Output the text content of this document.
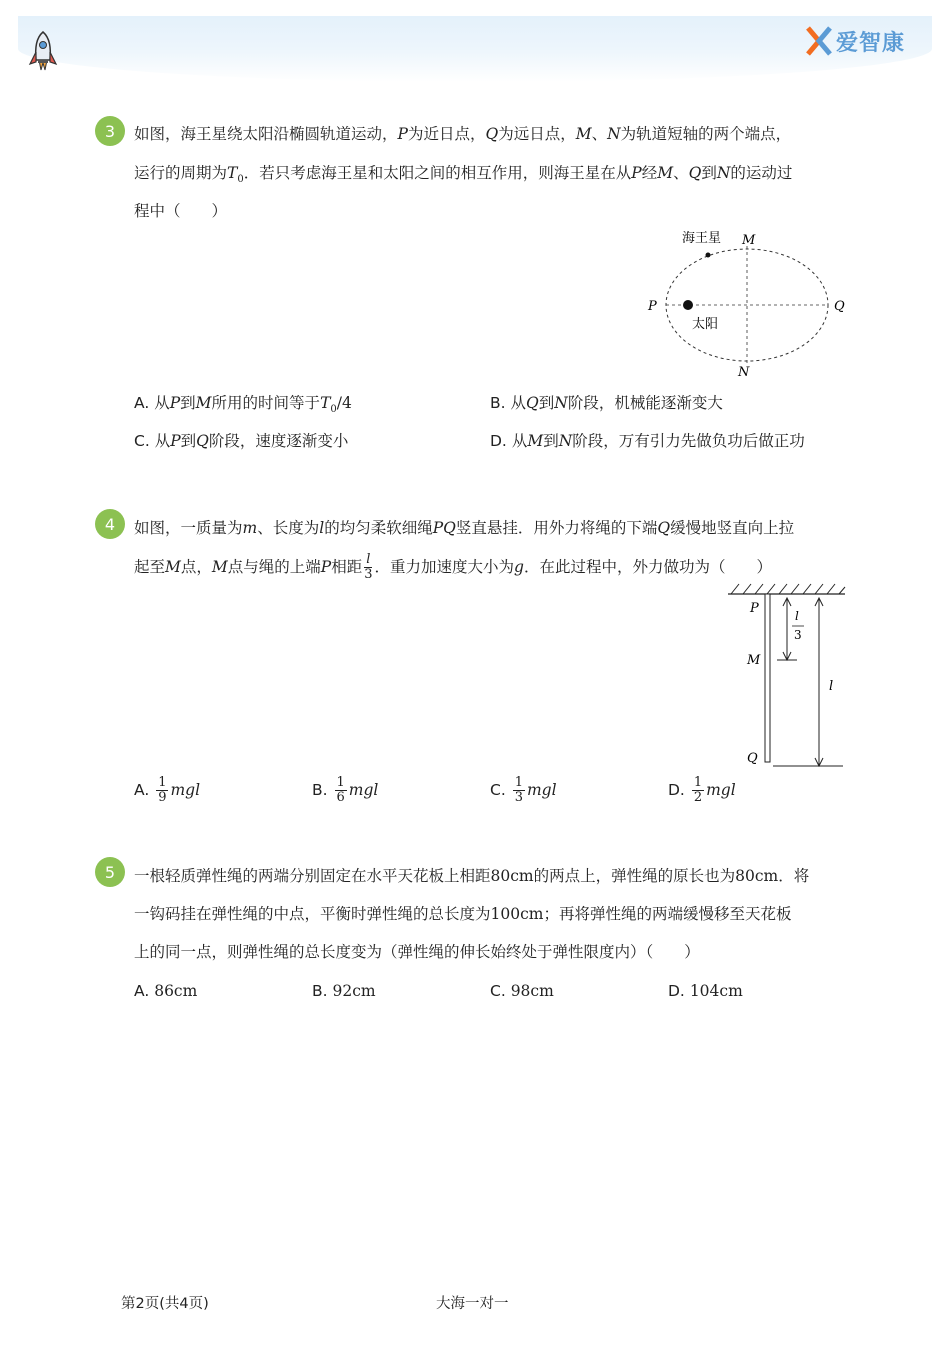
爱智康
3	如图，海王星绕太阳沿椭圆轨道运动，P为近日点，Q为远日点，M、N为轨道短轴的两个端点，
运行的周期为$T_0$．若只考虑海王星和太阳之间的相互作用，则海王星在从P经M、Q到N的运动过
程中（　　）
海王星
太阳
M
N
P	Q
A. 从P到M所用的时间等于$T_0/4$	B. 从Q到N阶段，机械能逐渐变大
C. 从P到Q阶段，速度逐渐变小	D. 从M到N阶段，万有引力先做负功后做正功
4	如图，一质量为m、长度为l的均匀柔软细绳PQ竖直悬挂．用外力将绳的下端Q缓慢地竖直向上拉
起至M点，M点与绳的上端P相距 $\frac{l}{3}$ ．重力加速度大小为g．在此过程中，外力做功为（　　）
P
M
Q
l
3
l
A. $\frac{1}{9}$ mgl	B. $\frac{1}{6}$ mgl	C. $\frac{1}{3}$ mgl	D. $\frac{1}{2}$ mgl
5	一根轻质弹性绳的两端分别固定在水平天花板上相距80cm的两点上，弹性绳的原长也为80cm．将
一钩码挂在弹性绳的中点，平衡时弹性绳的总长度为100cm；再将弹性绳的两端缓慢移至天花板
上的同一点，则弹性绳的总长度变为（弹性绳的伸长始终处于弹性限度内）（　　）
A. 86cm	B. 92cm	C. 98cm	D. 104cm
第2页(共4页)	大海一对一
